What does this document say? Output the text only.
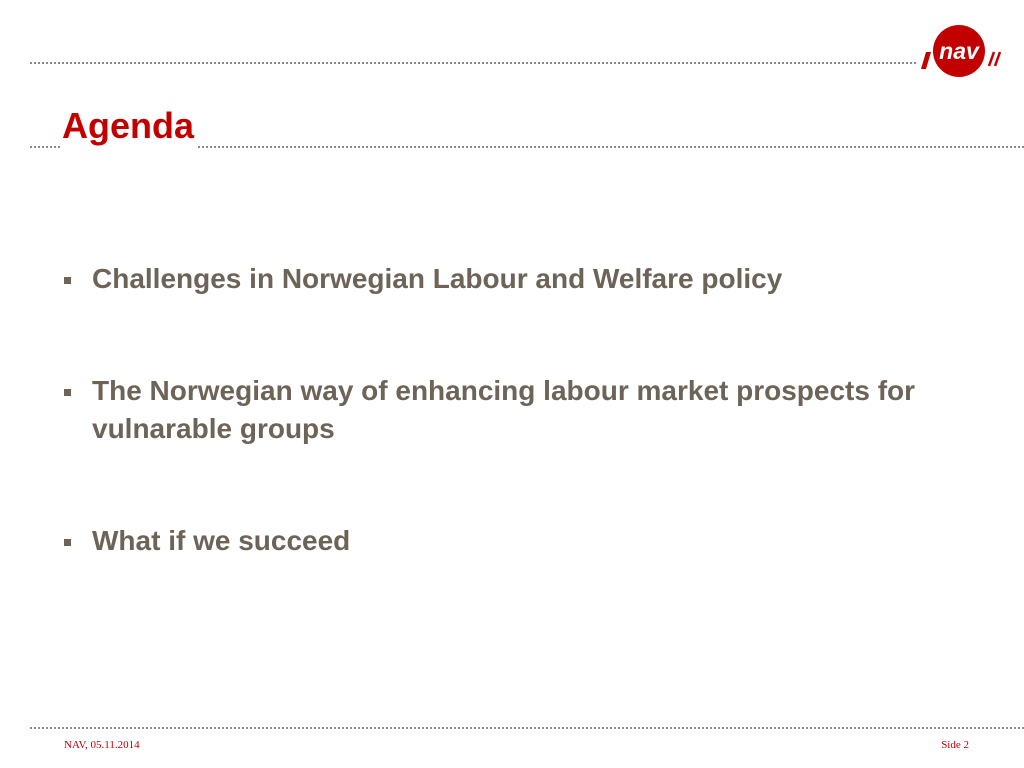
nav
Agenda
Challenges in Norwegian Labour and Welfare policy
The Norwegian way of enhancing labour market prospects for vulnarable groups
What if we succeed
NAV, 05.11.2014	Side 2
